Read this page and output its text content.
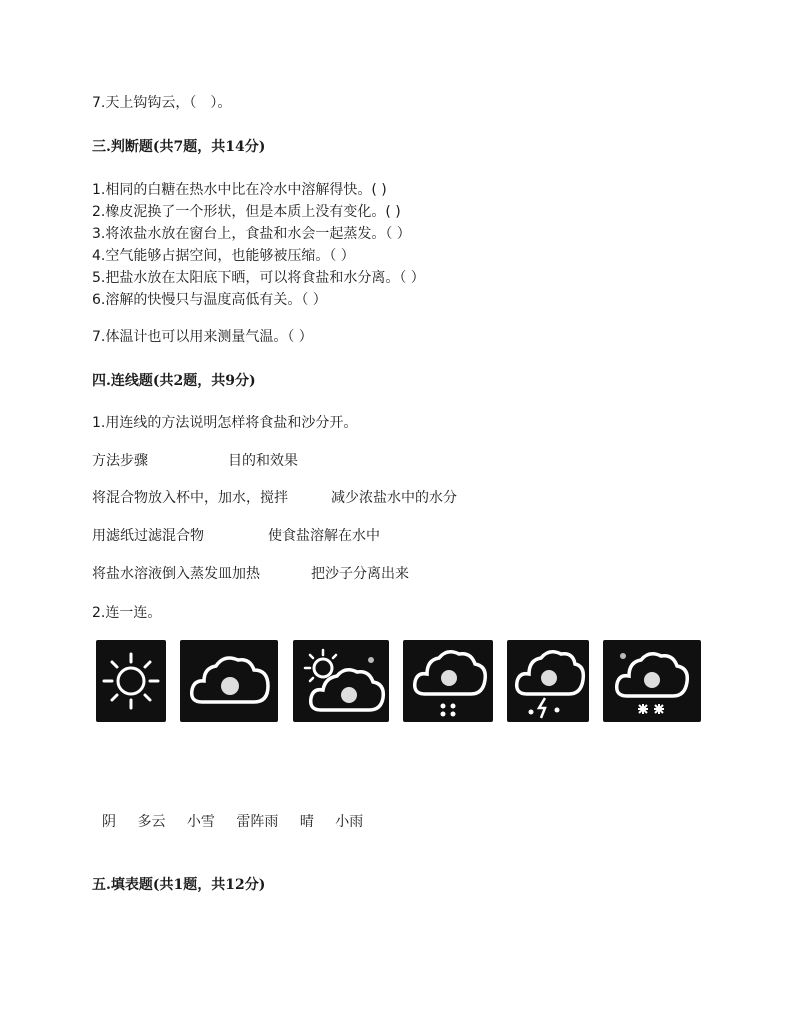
7.天上钩钩云，（　）。
三.判断题(共7题，共14分)
1.相同的白糖在热水中比在冷水中溶解得快。( )
2.橡皮泥换了一个形状，但是本质上没有变化。( )
3.将浓盐水放在窗台上，食盐和水会一起蒸发。（ ）
4.空气能够占据空间，也能够被压缩。（ ）
5.把盐水放在太阳底下晒，可以将食盐和水分离。（ ）
6.溶解的快慢只与温度高低有关。（ ）
7.体温计也可以用来测量气温。（ ）
四.连线题(共2题，共9分)
1.用连线的方法说明怎样将食盐和沙分开。
方法步骤	目的和效果
将混合物放入杯中，加水，搅拌	减少浓盐水中的水分
用滤纸过滤混合物	使食盐溶解在水中
将盐水溶液倒入蒸发皿加热	把沙子分离出来
2.连一连。
阴 多云 小雪 雷阵雨 晴 小雨
五.填表题(共1题，共12分)
